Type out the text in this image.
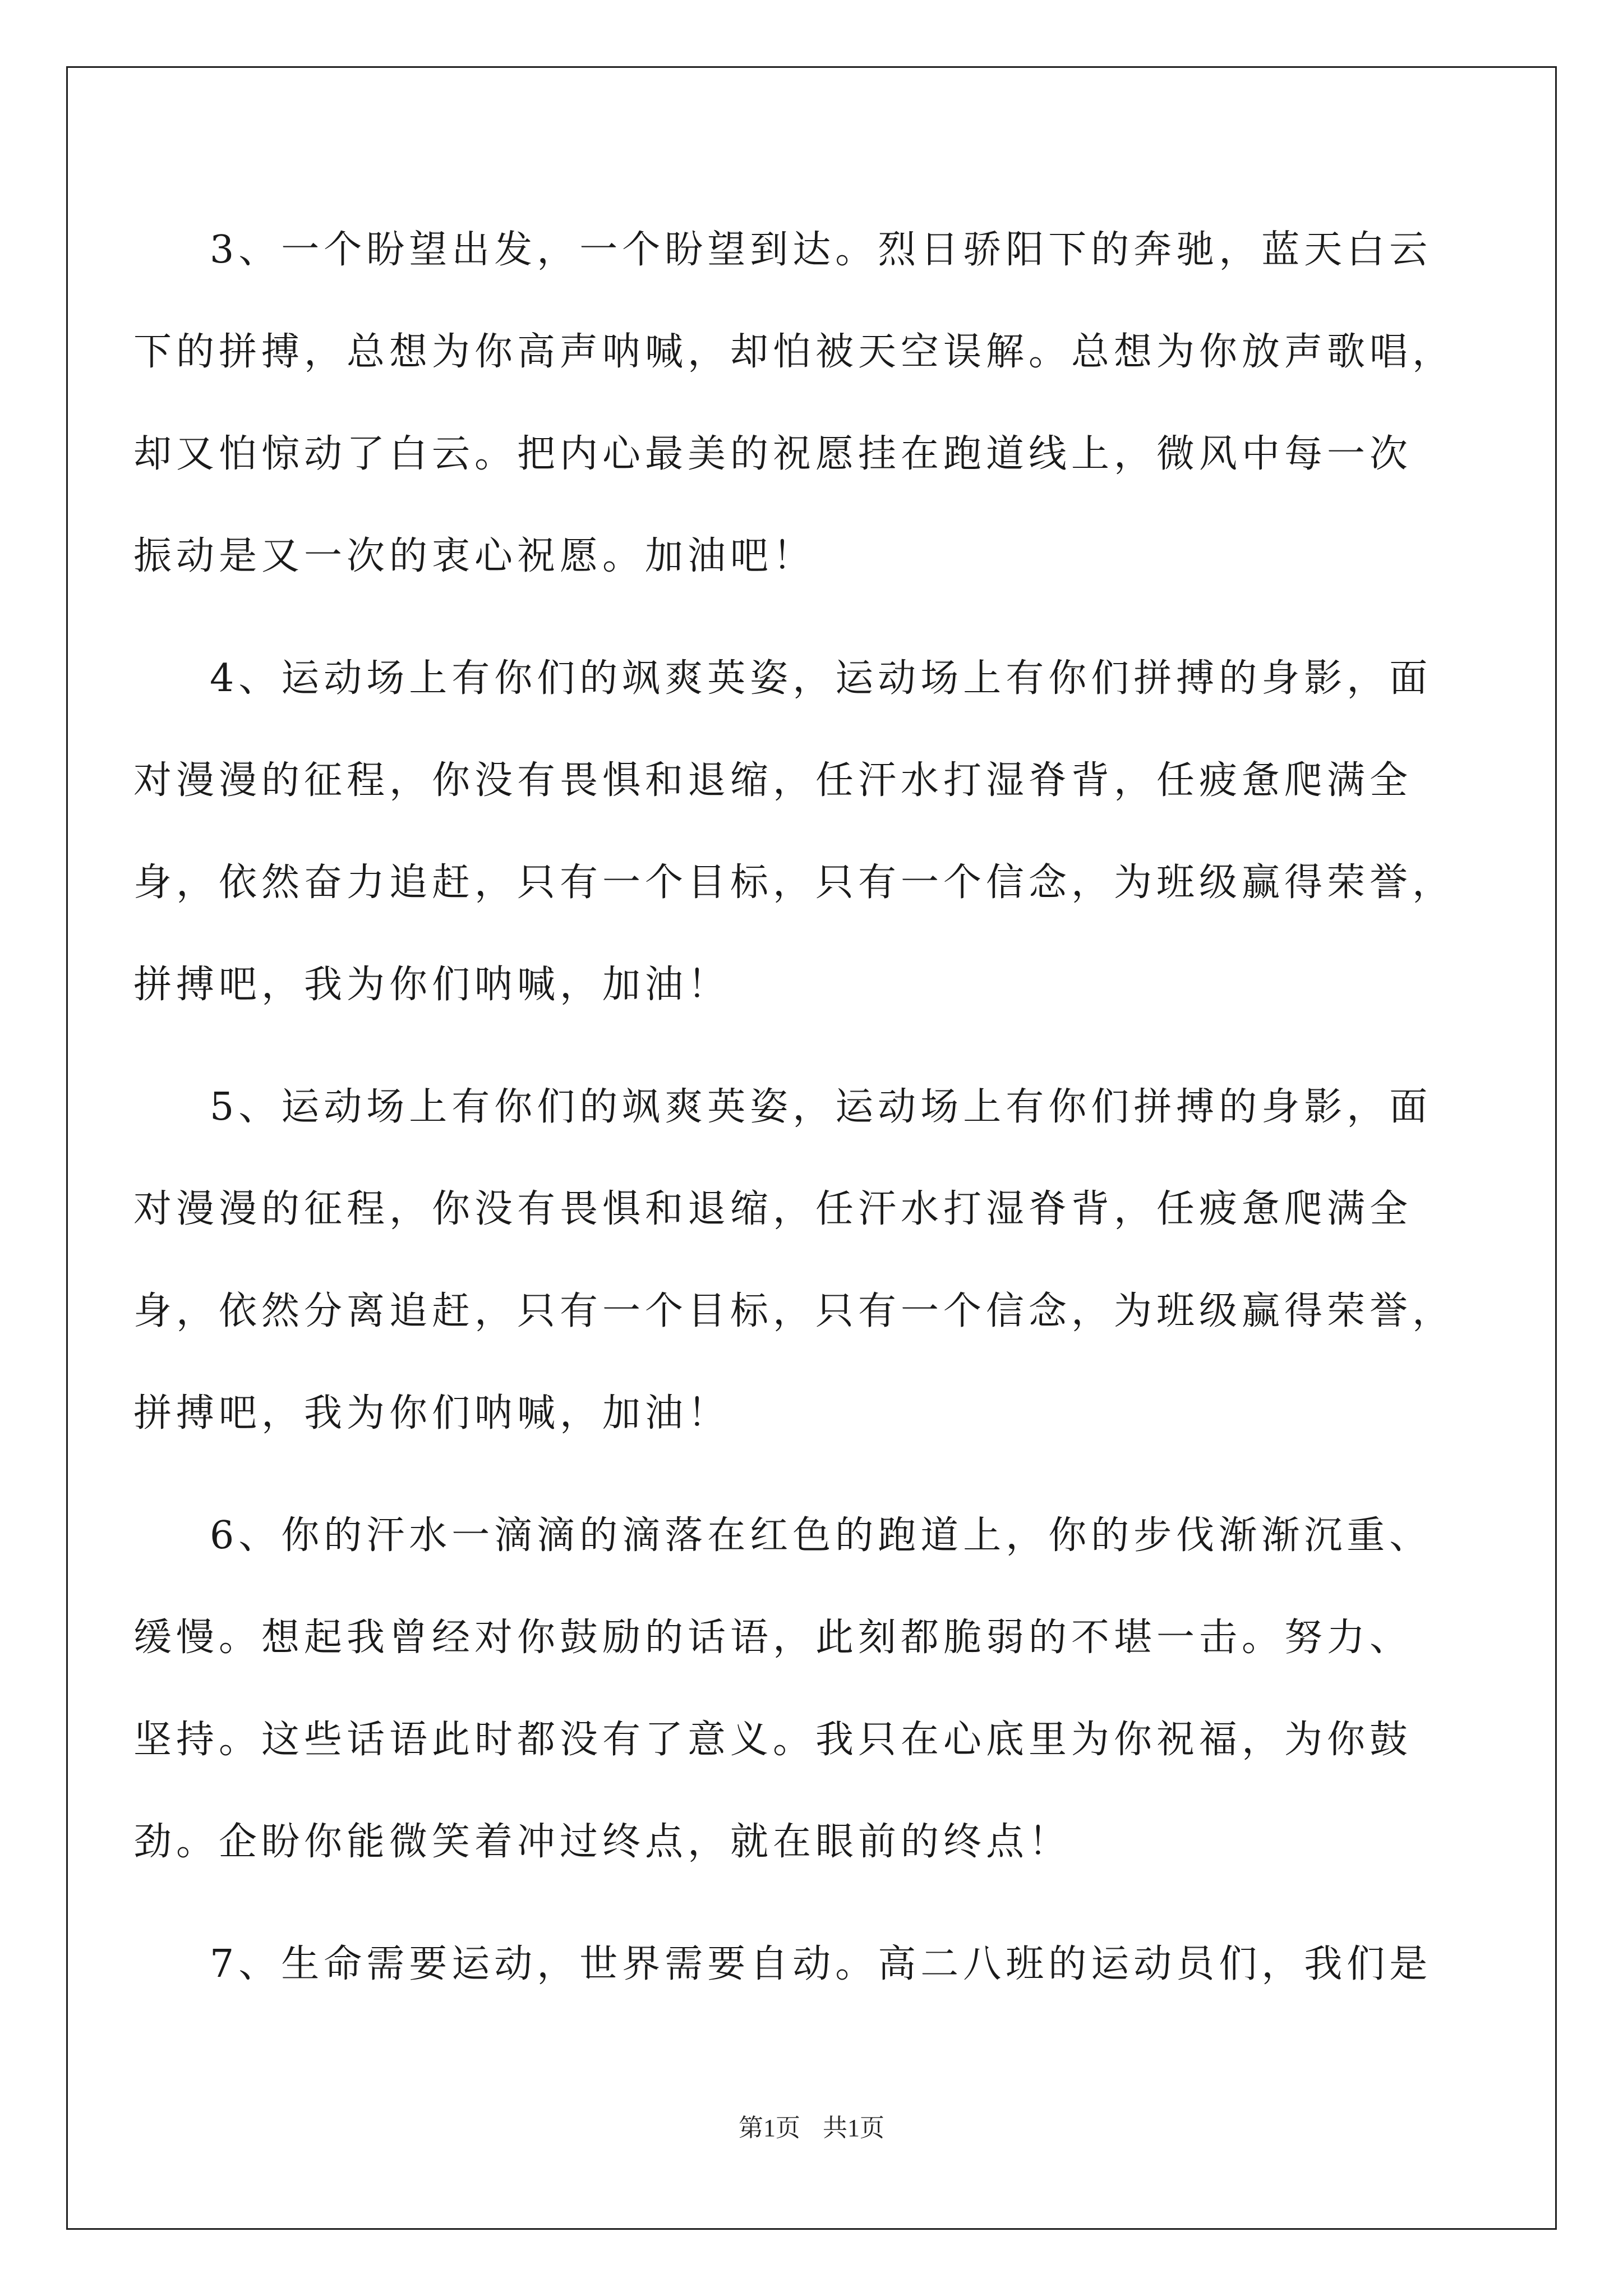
3、一个盼望出发，一个盼望到达。烈日骄阳下的奔驰，蓝天白云
下的拼搏，总想为你高声呐喊，却怕被天空误解。总想为你放声歌唱，
却又怕惊动了白云。把内心最美的祝愿挂在跑道线上，微风中每一次
振动是又一次的衷心祝愿。加油吧！
4、运动场上有你们的飒爽英姿，运动场上有你们拼搏的身影，面
对漫漫的征程，你没有畏惧和退缩，任汗水打湿脊背，任疲惫爬满全
身，依然奋力追赶，只有一个目标，只有一个信念，为班级赢得荣誉，
拼搏吧，我为你们呐喊，加油！
5、运动场上有你们的飒爽英姿，运动场上有你们拼搏的身影，面
对漫漫的征程，你没有畏惧和退缩，任汗水打湿脊背，任疲惫爬满全
身，依然分离追赶，只有一个目标，只有一个信念，为班级赢得荣誉，
拼搏吧，我为你们呐喊，加油！
6、你的汗水一滴滴的滴落在红色的跑道上，你的步伐渐渐沉重、
缓慢。想起我曾经对你鼓励的话语，此刻都脆弱的不堪一击。努力、
坚持。这些话语此时都没有了意义。我只在心底里为你祝福，为你鼓
劲。企盼你能微笑着冲过终点，就在眼前的终点！
7、生命需要运动，世界需要自动。高二八班的运动员们，我们是
第1页 共1页
